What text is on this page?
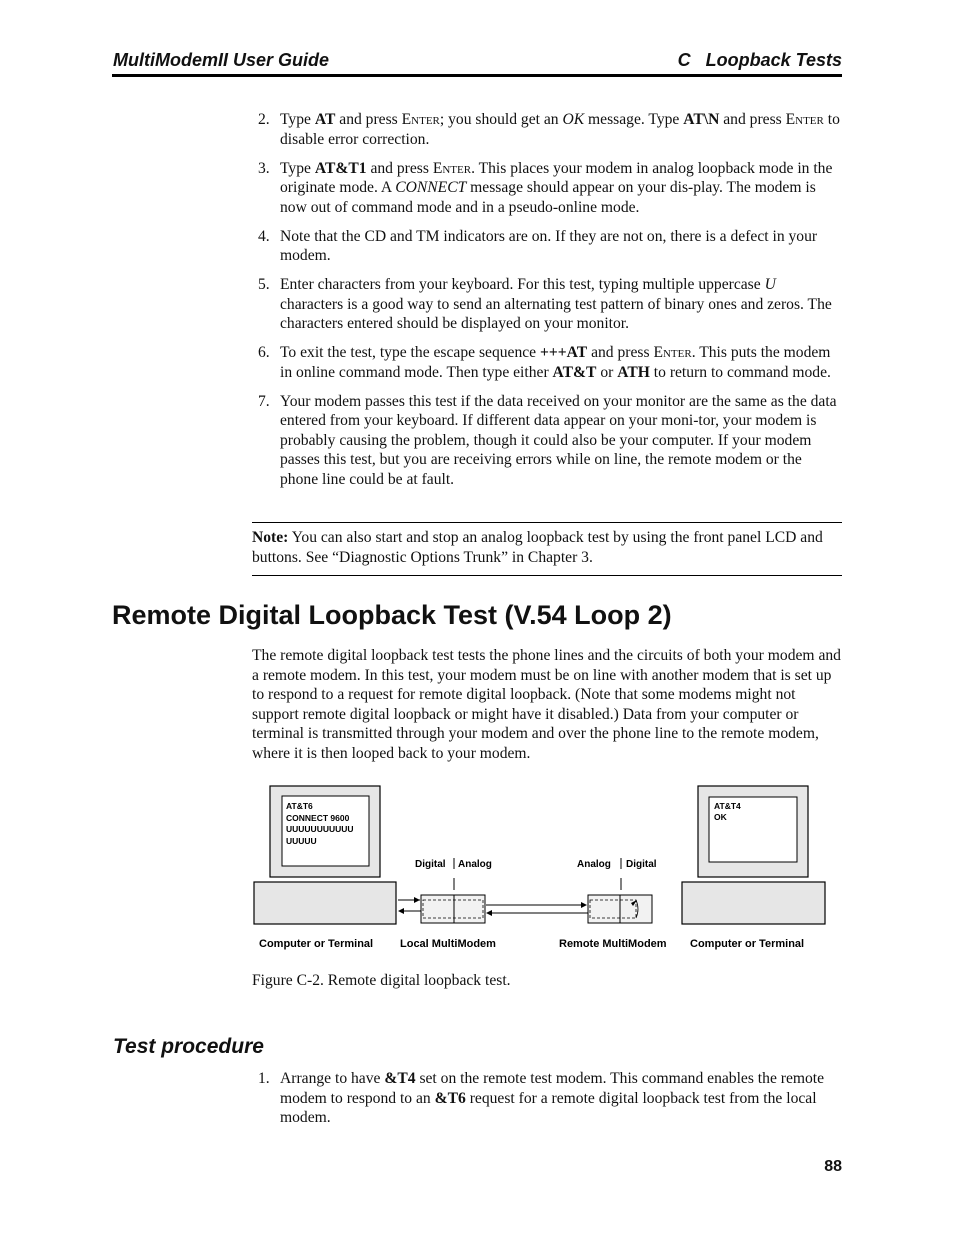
MultiModemII User Guide	C   Loopback Tests
2. Type AT and press Enter; you should get an OK message. Type AT\N and press Enter to disable error correction.
3. Type AT&T1 and press Enter. This places your modem in analog loopback mode in the originate mode. A CONNECT message should appear on your dis-play. The modem is now out of command mode and in a pseudo-online mode.
4. Note that the CD and TM indicators are on. If they are not on, there is a defect in your modem.
5. Enter characters from your keyboard. For this test, typing multiple uppercase U characters is a good way to send an alternating test pattern of binary ones and zeros. The characters entered should be displayed on your monitor.
6. To exit the test, type the escape sequence +++AT and press Enter. This puts the modem in online command mode. Then type either AT&T or ATH to return to command mode.
7. Your modem passes this test if the data received on your monitor are the same as the data entered from your keyboard. If different data appear on your moni-tor, your modem is probably causing the problem, though it could also be your computer. If your modem passes this test, but you are receiving errors while on line, the remote modem or the phone line could be at fault.

Note: You can also start and stop an analog loopback test by using the front panel LCD and buttons. See “Diagnostic Options Trunk” in Chapter 3.

Remote Digital Loopback Test (V.54 Loop 2)

The remote digital loopback test tests the phone lines and the circuits of both your modem and a remote modem. In this test, your modem must be on line with another modem that is set up to respond to a request for remote digital loopback. (Note that some modems might not support remote digital loopback or might have it disabled.) Data from your computer or terminal is transmitted through your modem and over the phone line to the remote modem, where it is then looped back to your modem.

AT&T6 CONNECT 9600 UUUUUUUUUUU UUUUU
AT&T4 OK
Digital Analog	Analog Digital
Computer or Terminal Local MultiModem	Remote MultiModem Computer or Terminal
Figure C-2. Remote digital loopback test.
Test procedure
1. Arrange to have &T4 set on the remote test modem. This command enables the remote modem to respond to an &T6 request for a remote digital loopback test from the local modem.
88
